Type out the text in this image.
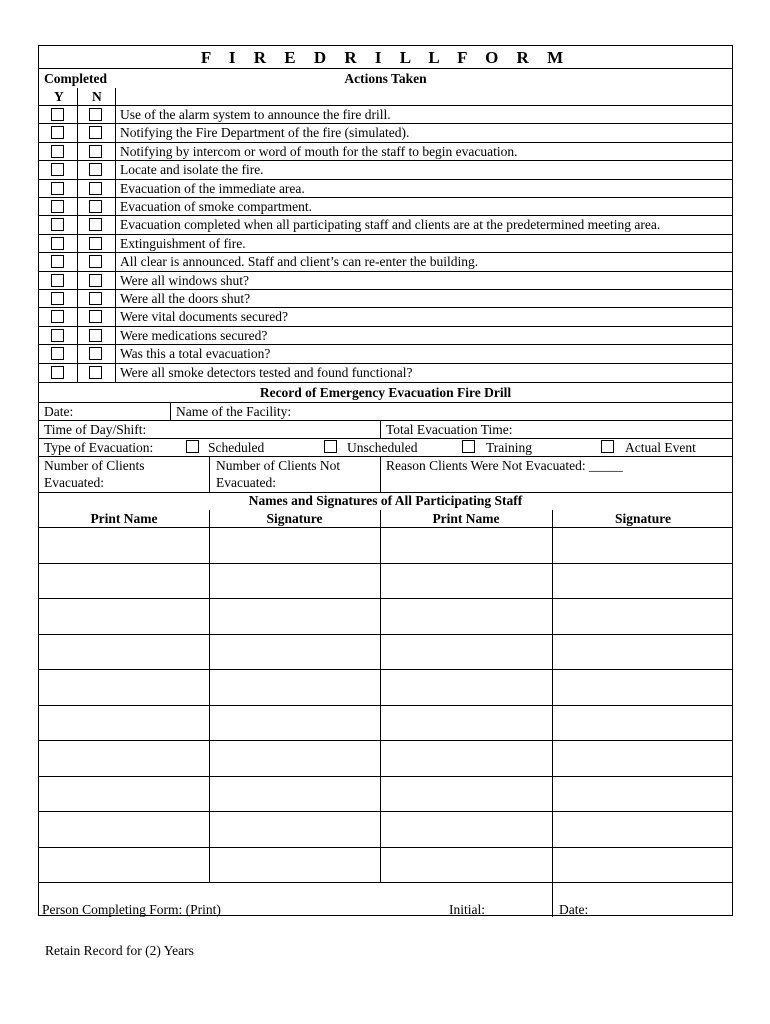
F I R E D R I L L F O R M
Completed	Actions Taken
Y N
Record of Emergency Evacuation Fire Drill
Date:	Name of the Facility:
Time of Day/Shift:	Total Evacuation Time:
Type of Evacuation:	Scheduled	Unscheduled	Training	Actual Event
Number of Clients
Evacuated:
Number of Clients Not
Evacuated:
Reason Clients Were Not Evacuated: _____
Names and Signatures of All Participating Staff
Print Name	Signature	Print Name	Signature
Person Completing Form: (Print)	Initial:	Date:
Use of the alarm system to announce the fire drill.
Notifying the Fire Department of the fire (simulated).
Notifying by intercom or word of mouth for the staff to begin evacuation.
Locate and isolate the fire.
Evacuation of the immediate area.
Evacuation of smoke compartment.
Evacuation completed when all participating staff and clients are at the predetermined meeting area.
Extinguishment of fire.
All clear is announced. Staff and client’s can re-enter the building.
Were all windows shut?
Were all the doors shut?
Were vital documents secured?
Were medications secured?
Was this a total evacuation?
Were all smoke detectors tested and found functional?
Retain Record for (2) Years
